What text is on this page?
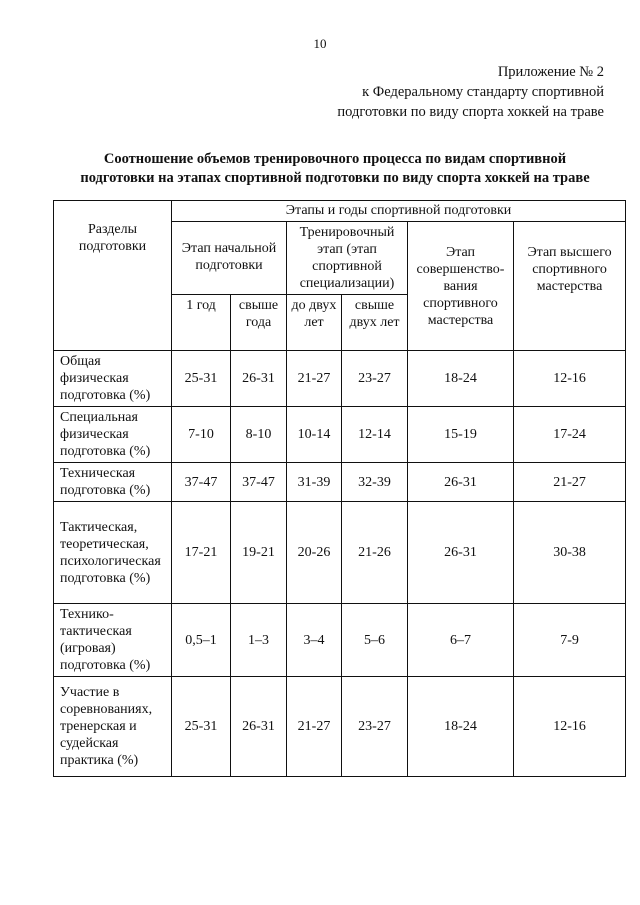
10
Приложение № 2
к Федеральному стандарту спортивной
подготовки по виду спорта хоккей на траве
Соотношение объемов тренировочного процесса по видам спортивной
подготовки на этапах спортивной подготовки по виду спорта хоккей на траве
Разделы подготовки	Этапы и годы спортивной подготовки					
	Этап начальной подготовки		Тренировочный этап (этап спортивной специализации)		Этап совершенство-вания спортивного мастерства	Этап высшего спортивного мастерства
	1 год	свыше года	до двух лет	свыше двух лет		
Общая физическая подготовка (%)	25-31	26-31	21-27	23-27	18-24	12-16
Специальная физическая подготовка (%)	7-10	8-10	10-14	12-14	15-19	17-24
Техническая подготовка (%)	37-47	37-47	31-39	32-39	26-31	21-27
Тактическая, теоретическая, психологическая подготовка (%)	17-21	19-21	20-26	21-26	26-31	30-38
Технико-тактическая (игровая) подготовка (%)	0,5–1	1–3	3–4	5–6	6–7	7-9
Участие в соревнованиях, тренерская и судейская практика (%)	25-31	26-31	21-27	23-27	18-24	12-16
